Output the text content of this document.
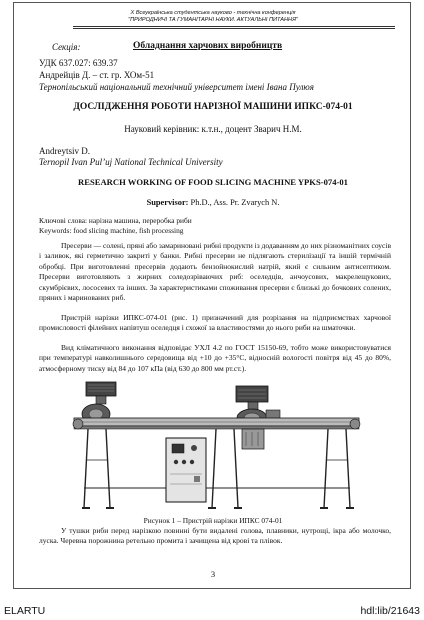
Х Всеукраїнська студентська науково - технічна конференція
"ПРИРОДНИЧІ ТА ГУМАНІТАРНІ НАУКИ. АКТУАЛЬНІ ПИТАННЯ"
Секція:	Обладнання харчових виробництв
УДК 637.027: 639.37
Андрейців Д. – ст. гр. ХОм-51
Тернопільський національний технічний університет імені Івана Пулюя
ДОСЛІДЖЕННЯ РОБОТИ НАРІЗНОЇ МАШИНИ ИПКС-074-01
Науковий керівник: к.т.н., доцент Зварич Н.М.
Andreytsiv D.
Ternopil Ivan Pul’uj National Technical University
RESEARCH WORKING OF FOOD SLICING MACHINE YPKS-074-01
Supervisor: Ph.D., Ass. Pr. Zvarych N.
Ключові слова: нарізна машина, переробка риби
Keywords: food slicing machine, fish processing
Пресерви — солені, пряні або замариновані рибні продукти із додаванням до них різноманітних соусів і заливок, які герметично закриті у банки. Рибні пресерви не підлягають стерилізації та іншій термічній обробці. При виготовленні пресервів додають бензойнокислий натрій, який є сильним антисептиком. Пресерви виготовляють з жирних соледозріваючих риб: оселедців, анчоусових, макрелещукових, скумбрієвих, лососевих та інших. За характеристиками споживання пресерви є близькі до бочкових солених, пряних і маринованих риб.
Пристрій нарізки ИПКС-074-01 (рис. 1) призначений для розрізання на підприємствах харчової промисловості філейних напівтуш оселедця і схожої за властивостями до нього риби на шматочки.
Вид кліматичного виконання відповідає УХЛ 4.2 по ГОСТ 15150-69, тобто може використовуватися при температурі навколишнього середовища від +10 до +35°С, відносній вологості повітря від 45 до 80%, атмосферному тиску від 84 до 107 кПа (від 630 до 800 мм рт.ст.).
Рисунок 1 – Пристрій нарізки ИПКС 074-01
У тушки риби перед нарізкою повинні бути видалені голова, плавники, нутрощі, ікра або молочко, луска. Черевна порожнина ретельно промита і зачищена від крові та плівок.
3
ELARTU	hdl:lib/21643
